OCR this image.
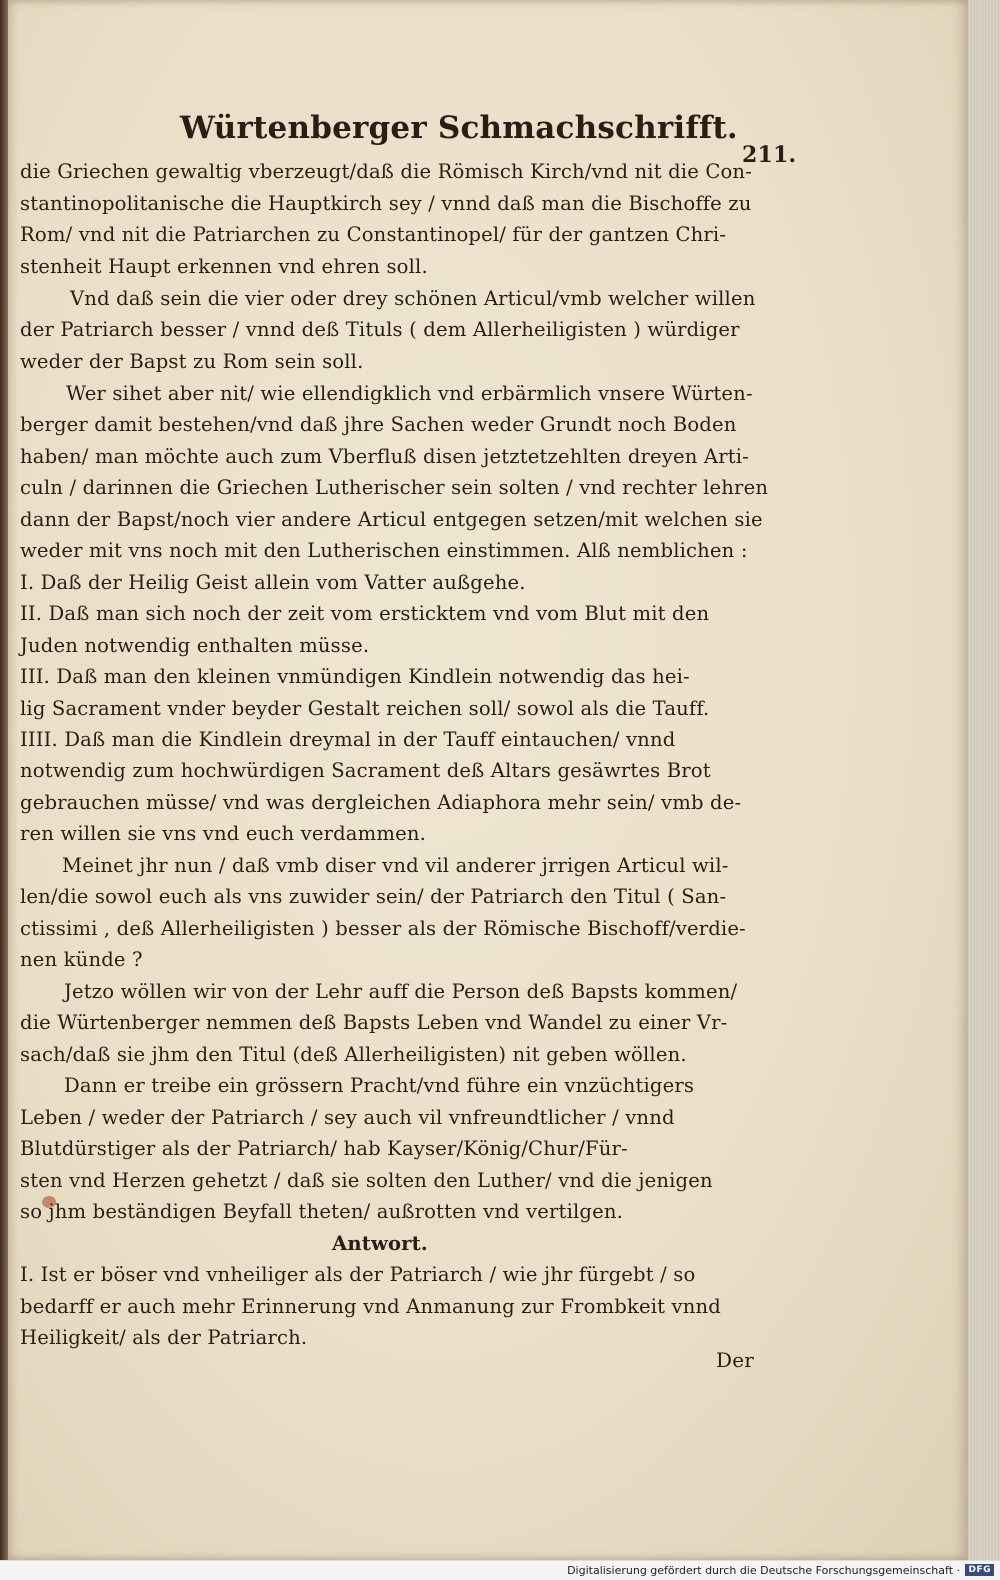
Würtenberger Schmachschrifft.
211.
die Griechen gewaltig vberzeugt/daß die Römisch Kirch/vnd nit die Con-
stantinopolitanische die Hauptkirch sey / vnnd daß man die Bischoffe zu
Rom/ vnd nit die Patriarchen zu Constantinopel/ für der gantzen Chri-
stenheit Haupt erkennen vnd ehren soll.
Vnd daß sein die vier oder drey schönen Articul/vmb welcher willen
der Patriarch besser / vnnd deß Tituls ( dem Allerheiligisten ) würdiger
weder der Bapst zu Rom sein soll.
Wer sihet aber nit/ wie ellendigklich vnd erbärmlich vnsere Würten-
berger damit bestehen/vnd daß jhre Sachen weder Grundt noch Boden
haben/ man möchte auch zum Vberfluß disen jetztetzehlten dreyen Arti-
culn / darinnen die Griechen Lutherischer sein solten / vnd rechter lehren
dann der Bapst/noch vier andere Articul entgegen setzen/mit welchen sie
weder mit vns noch mit den Lutherischen einstimmen. Alß nemblichen :
I. Daß der Heilig Geist allein vom Vatter außgehe.
II. Daß man sich noch der zeit vom ersticktem vnd vom Blut mit den
Juden notwendig enthalten müsse.
III. Daß man den kleinen vnmündigen Kindlein notwendig das hei-
lig Sacrament vnder beyder Gestalt reichen soll/ sowol als die Tauff.
IIII. Daß man die Kindlein dreymal in der Tauff eintauchen/ vnnd
notwendig zum hochwürdigen Sacrament deß Altars gesäwrtes Brot
gebrauchen müsse/ vnd was dergleichen Adiaphora mehr sein/ vmb de-
ren willen sie vns vnd euch verdammen.
Meinet jhr nun / daß vmb diser vnd vil anderer jrrigen Articul wil-
len/die sowol euch als vns zuwider sein/ der Patriarch den Titul ( San-
ctissimi , deß Allerheiligisten ) besser als der Römische Bischoff/verdie-
nen künde ?
Jetzo wöllen wir von der Lehr auff die Person deß Bapsts kommen/
die Würtenberger nemmen deß Bapsts Leben vnd Wandel zu einer Vr-
sach/daß sie jhm den Titul (deß Allerheiligisten) nit geben wöllen.
Dann er treibe ein grössern Pracht/vnd führe ein vnzüchtigers
Leben / weder der Patriarch / sey auch vil vnfreundtlicher / vnnd
Blutdürstiger als der Patriarch/ hab Kayser/König/Chur/Für-
sten vnd Herzen gehetzt / daß sie solten den Luther/ vnd die jenigen
so jhm beständigen Beyfall theten/ außrotten vnd vertilgen.
Antwort.
I. Ist er böser vnd vnheiliger als der Patriarch / wie jhr fürgebt / so
bedarff er auch mehr Erinnerung vnd Anmanung zur Frombkeit vnnd
Heiligkeit/ als der Patriarch.
Der
Digitalisierung gefördert durch die Deutsche Forschungsgemeinschaft · DFG
